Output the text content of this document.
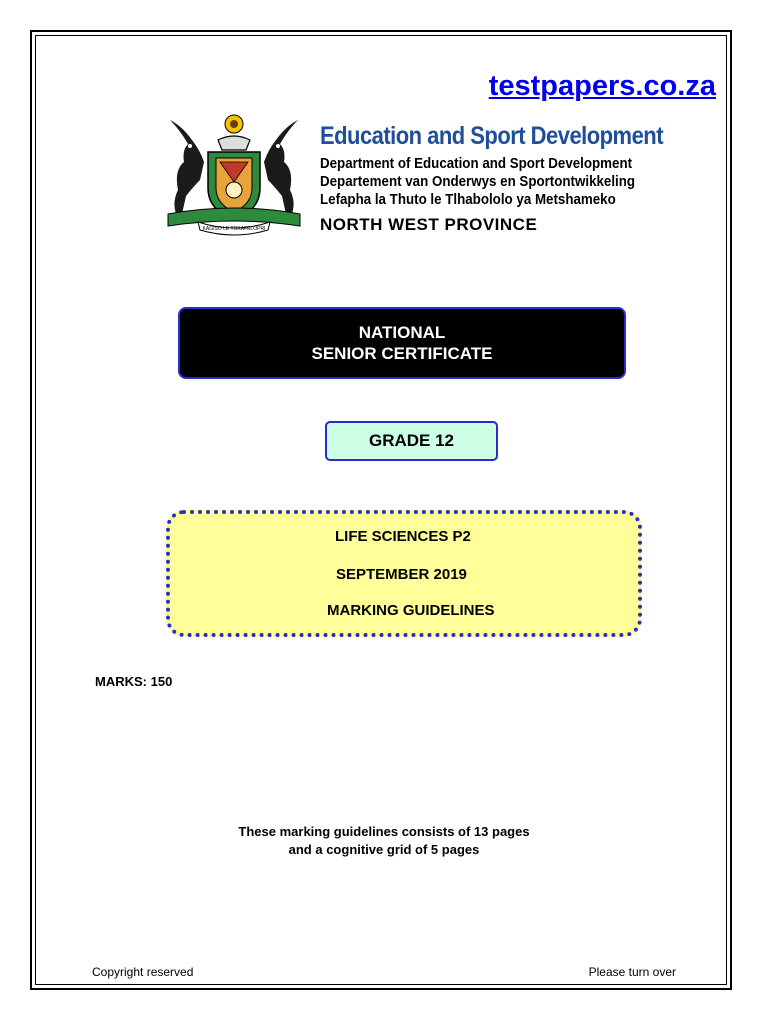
testpapers.co.za
KAGISO LE TOKAFELOPRI
Education and Sport Development
Department of Education and Sport Development
Departement van Onderwys en Sportontwikkeling
Lefapha la Thuto le Tlhabololo ya Metshameko
NORTH WEST PROVINCE
NATIONAL
SENIOR CERTIFICATE
GRADE 12
LIFE SCIENCES P2
SEPTEMBER 2019
MARKING GUIDELINES
MARKS: 150
These marking guidelines consists of 13 pages
and a cognitive grid of 5 pages
Copyright reserved	Please turn over
